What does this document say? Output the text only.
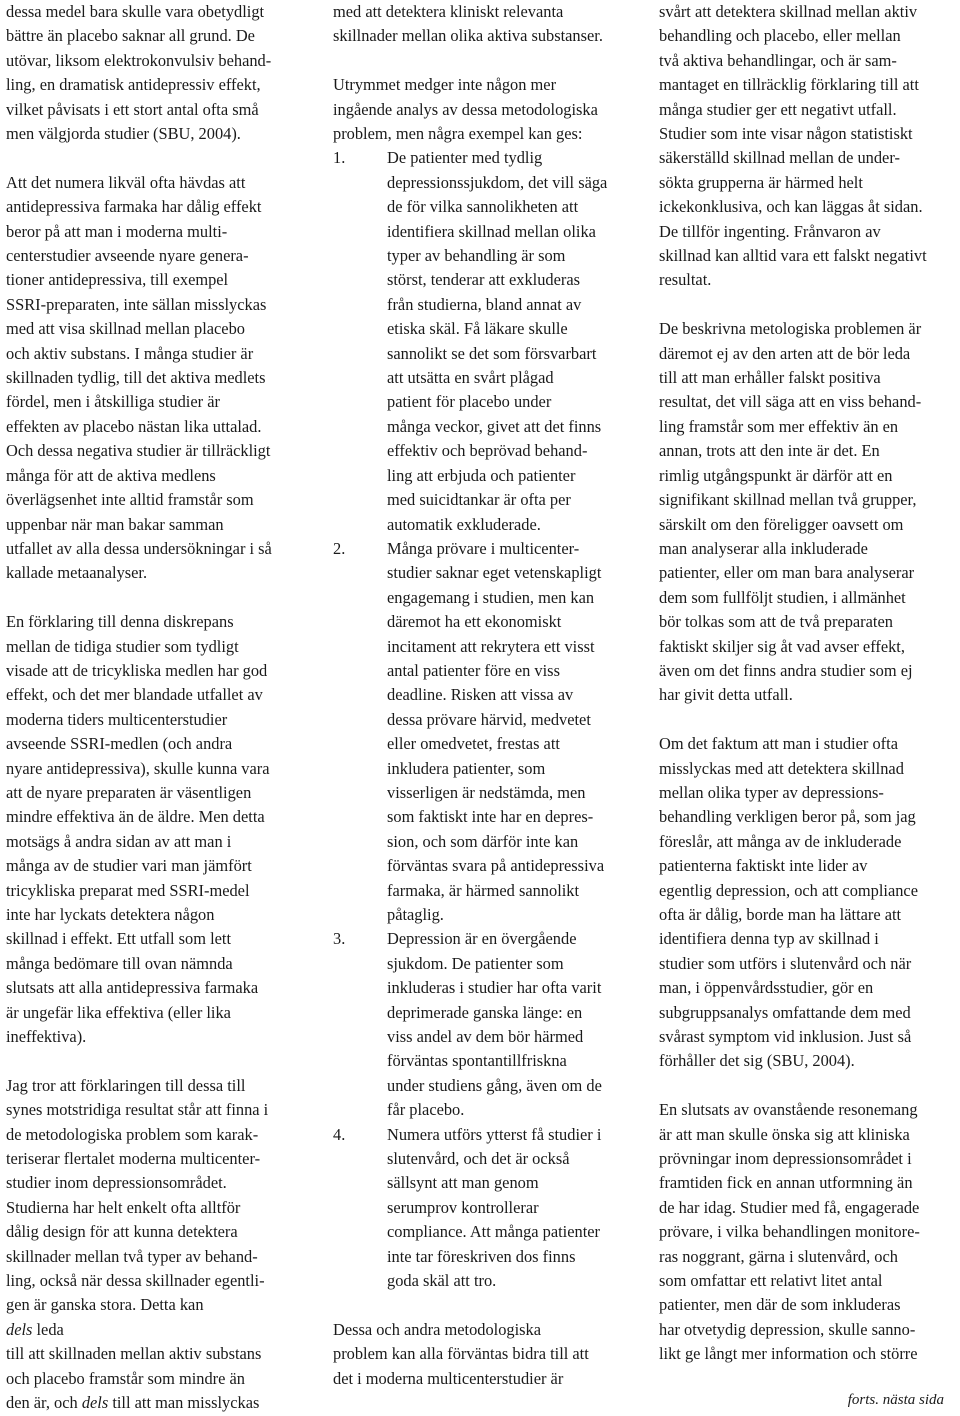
dessa medel bara skulle vara obetydligt
bättre än placebo saknar all grund. De
utövar, liksom elektrokonvulsiv behand-
ling, en dramatisk antidepressiv effekt,
vilket påvisats i ett stort antal ofta små
men välgjorda studier (SBU, 2004).
Att det numera likväl ofta hävdas att
antidepressiva farmaka har dålig effekt
beror på att man i moderna multi-
centerstudier avseende nyare genera-
tioner antidepressiva, till exempel
SSRI-preparaten, inte sällan misslyckas
med att visa skillnad mellan placebo
och aktiv substans. I många studier är
skillnaden tydlig, till det aktiva medlets
fördel, men i åtskilliga studier är
effekten av placebo nästan lika uttalad.
Och dessa negativa studier är tillräckligt
många för att de aktiva medlens
överlägsenhet inte alltid framstår som
uppenbar när man bakar samman
utfallet av alla dessa undersökningar i så
kallade metaanalyser.
En förklaring till denna diskrepans
mellan de tidiga studier som tydligt
visade att de tricykliska medlen har god
effekt, och det mer blandade utfallet av
moderna tiders multicenterstudier
avseende SSRI-medlen (och andra
nyare antidepressiva), skulle kunna vara
att de nyare preparaten är väsentligen
mindre effektiva än de äldre. Men detta
motsägs å andra sidan av att man i
många av de studier vari man jämfört
tricykliska preparat med SSRI-medel
inte har lyckats detektera någon
skillnad i effekt. Ett utfall som lett
många bedömare till ovan nämnda
slutsats att alla antidepressiva farmaka
är ungefär lika effektiva (eller lika
ineffektiva).
Jag tror att förklaringen till dessa till
synes motstridiga resultat står att finna i
de metodologiska problem som karak-
teriserar flertalet moderna multicenter-
studier inom depressionsområdet.
Studierna har helt enkelt ofta alltför
dålig design för att kunna detektera
skillnader mellan två typer av behand-
ling, också när dessa skillnader egentli-
gen är ganska stora. Detta kan
dels leda
till att skillnaden mellan aktiv substans
och placebo framstår som mindre än
den är, och dels till att man misslyckas
med att detektera kliniskt relevanta
skillnader mellan olika aktiva substanser.
Utrymmet medger inte någon mer
ingående analys av dessa metodologiska
problem, men några exempel kan ges:
1.	De patienter med tydlig
depressionssjukdom, det vill säga
de för vilka sannolikheten att
identifiera skillnad mellan olika
typer av behandling är som
störst, tenderar att exkluderas
från studierna, bland annat av
etiska skäl. Få läkare skulle
sannolikt se det som försvarbart
att utsätta en svårt plågad
patient för placebo under
många veckor, givet att det finns
effektiv och beprövad behand-
ling att erbjuda och patienter
med suicidtankar är ofta per
automatik exkluderade.
2.	Många prövare i multicenter-
studier saknar eget vetenskapligt
engagemang i studien, men kan
däremot ha ett ekonomiskt
incitament att rekrytera ett visst
antal patienter före en viss
deadline. Risken att vissa av
dessa prövare härvid, medvetet
eller omedvetet, frestas att
inkludera patienter, som
visserligen är nedstämda, men
som faktiskt inte har en depres-
sion, och som därför inte kan
förväntas svara på antidepressiva
farmaka, är härmed sannolikt
påtaglig.
3.	Depression är en övergående
sjukdom. De patienter som
inkluderas i studier har ofta varit
deprimerade ganska länge: en
viss andel av dem bör härmed
förväntas spontantillfriskna
under studiens gång, även om de
får placebo.
4.	Numera utförs ytterst få studier i
slutenvård, och det är också
sällsynt att man genom
serumprov kontrollerar
compliance. Att många patienter
inte tar föreskriven dos finns
goda skäl att tro.
Dessa och andra metodologiska
problem kan alla förväntas bidra till att
det i moderna multicenterstudier är
svårt att detektera skillnad mellan aktiv
behandling och placebo, eller mellan
två aktiva behandlingar, och är sam-
mantaget en tillräcklig förklaring till att
många studier ger ett negativt utfall.
Studier som inte visar någon statistiskt
säkerställd skillnad mellan de under-
sökta grupperna är härmed helt
ickekonklusiva, och kan läggas åt sidan.
De tillför ingenting. Frånvaron av
skillnad kan alltid vara ett falskt negativt
resultat.
De beskrivna metologiska problemen är
däremot ej av den arten att de bör leda
till att man erhåller falskt positiva
resultat, det vill säga att en viss behand-
ling framstår som mer effektiv än en
annan, trots att den inte är det. En
rimlig utgångspunkt är därför att en
signifikant skillnad mellan två grupper,
särskilt om den föreligger oavsett om
man analyserar alla inkluderade
patienter, eller om man bara analyserar
dem som fullföljt studien, i allmänhet
bör tolkas som att de två preparaten
faktiskt skiljer sig åt vad avser effekt,
även om det finns andra studier som ej
har givit detta utfall.
Om det faktum att man i studier ofta
misslyckas med att detektera skillnad
mellan olika typer av depressions-
behandling verkligen beror på, som jag
föreslår, att många av de inkluderade
patienterna faktiskt inte lider av
egentlig depression, och att compliance
ofta är dålig, borde man ha lättare att
identifiera denna typ av skillnad i
studier som utförs i slutenvård och när
man, i öppenvårdsstudier, gör en
subgruppsanalys omfattande dem med
svårast symptom vid inklusion. Just så
förhåller det sig (SBU, 2004).
En slutsats av ovanstående resonemang
är att man skulle önska sig att kliniska
prövningar inom depressionsområdet i
framtiden fick en annan utformning än
de har idag. Studier med få, engagerade
prövare, i vilka behandlingen monitore-
ras noggrant, gärna i slutenvård, och
som omfattar ett relativt litet antal
patienter, men där de som inkluderas
har otvetydig depression, skulle sanno-
likt ge långt mer information och större
forts. nästa sida
